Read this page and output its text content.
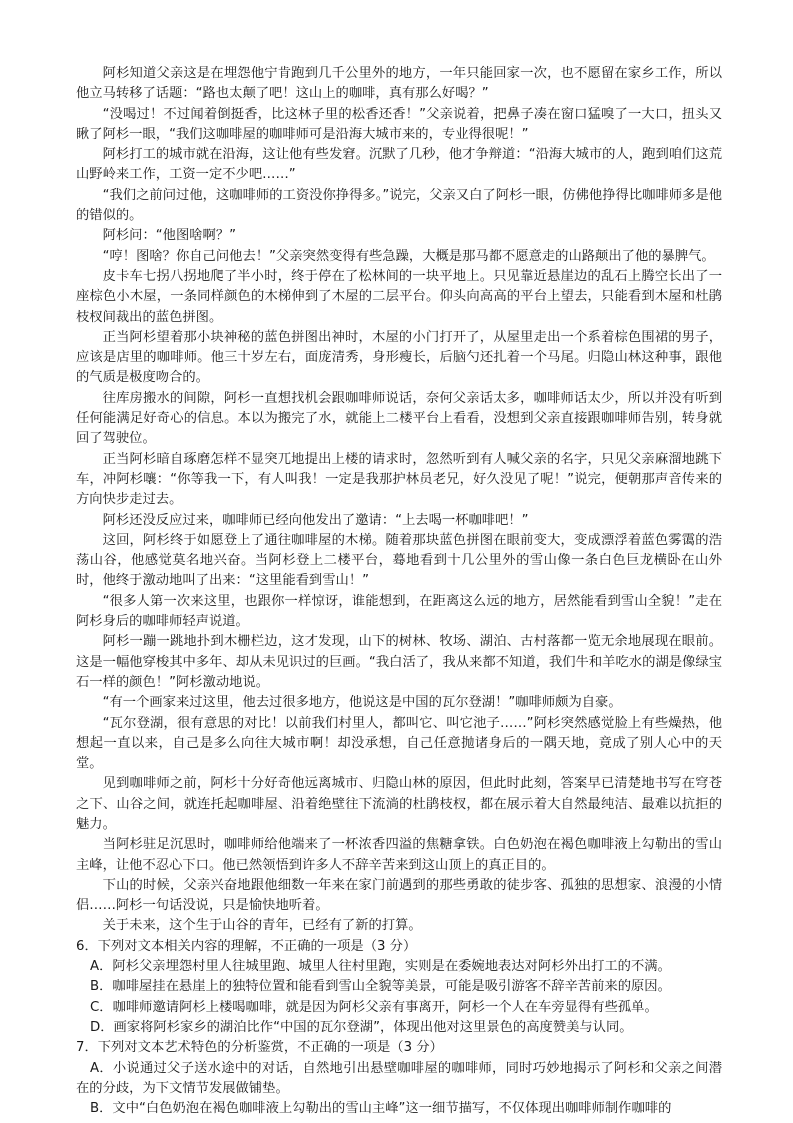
阿杉知道父亲这是在埋怨他宁肯跑到几千公里外的地方，一年只能回家一次，也不愿留在家乡工作，所以他立马转移了话题：“路也太颠了吧！这山上的咖啡，真有那么好喝？”

“没喝过！不过闻着倒挺香，比这林子里的松香还香！”父亲说着，把鼻子凑在窗口猛嗅了一大口，扭头又瞅了阿杉一眼，“我们这咖啡屋的咖啡师可是沿海大城市来的，专业得很呢！”

阿杉打工的城市就在沿海，这让他有些发窘。沉默了几秒，他才争辩道：“沿海大城市的人，跑到咱们这荒山野岭来工作，工资一定不少吧……”

“我们之前问过他，这咖啡师的工资没你挣得多。”说完，父亲又白了阿杉一眼，仿佛他挣得比咖啡师多是他的错似的。

阿杉问：“他图啥啊？”

“哼！图啥？你自己问他去！”父亲突然变得有些急躁，大概是那马都不愿意走的山路颠出了他的暴脾气。

皮卡车七拐八拐地爬了半小时，终于停在了松林间的一块平地上。只见靠近悬崖边的乱石上腾空长出了一座棕色小木屋，一条同样颜色的木梯伸到了木屋的二层平台。仰头向高高的平台上望去，只能看到木屋和杜鹃枝杈间裁出的蓝色拼图。

正当阿杉望着那小块神秘的蓝色拼图出神时，木屋的小门打开了，从屋里走出一个系着棕色围裙的男子，应该是店里的咖啡师。他三十岁左右，面庞清秀，身形瘦长，后脑勺还扎着一个马尾。归隐山林这种事，跟他的气质是极度吻合的。

往库房搬水的间隙，阿杉一直想找机会跟咖啡师说话，奈何父亲话太多，咖啡师话太少，所以并没有听到任何能满足好奇心的信息。本以为搬完了水，就能上二楼平台上看看，没想到父亲直接跟咖啡师告别，转身就回了驾驶位。

正当阿杉暗自琢磨怎样不显突兀地提出上楼的请求时，忽然听到有人喊父亲的名字，只见父亲麻溜地跳下车，冲阿杉嚷：“你等我一下，有人叫我！一定是我那护林员老兄，好久没见了呢！”说完，便朝那声音传来的方向快步走过去。

阿杉还没反应过来，咖啡师已经向他发出了邀请：“上去喝一杯咖啡吧！”

这回，阿杉终于如愿登上了通往咖啡屋的木梯。随着那块蓝色拼图在眼前变大，变成漂浮着蓝色雾霭的浩荡山谷，他感觉莫名地兴奋。当阿杉登上二楼平台，蓦地看到十几公里外的雪山像一条白色巨龙横卧在山外时，他终于激动地叫了出来：“这里能看到雪山！”

“很多人第一次来这里，也跟你一样惊讶，谁能想到，在距离这么远的地方，居然能看到雪山全貌！”走在阿杉身后的咖啡师轻声说道。

阿杉一蹦一跳地扑到木栅栏边，这才发现，山下的树林、牧场、湖泊、古村落都一览无余地展现在眼前。这是一幅他穿梭其中多年、却从未见识过的巨画。“我白活了，我从来都不知道，我们牛和羊吃水的湖是像绿宝石一样的颜色！”阿杉激动地说。

“有一个画家来过这里，他去过很多地方，他说这是中国的瓦尔登湖！”咖啡师颇为自豪。

“瓦尔登湖，很有意思的对比！以前我们村里人，都叫它、叫它池子……”阿杉突然感觉脸上有些燥热，他想起一直以来，自己是多么向往大城市啊！却没承想，自己任意抛诸身后的一隅天地，竟成了别人心中的天堂。

见到咖啡师之前，阿杉十分好奇他远离城市、归隐山林的原因，但此时此刻，答案早已清楚地书写在穹苍之下、山谷之间，就连托起咖啡屋、沿着绝壁往下流淌的杜鹃枝杈，都在展示着大自然最纯洁、最难以抗拒的魅力。

当阿杉驻足沉思时，咖啡师给他端来了一杯浓香四溢的焦糖拿铁。白色奶泡在褐色咖啡液上勾勒出的雪山主峰，让他不忍心下口。他已然领悟到许多人不辞辛苦来到这山顶上的真正目的。

下山的时候，父亲兴奋地跟他细数一年来在家门前遇到的那些勇敢的徒步客、孤独的思想家、浪漫的小情侣……阿杉一句话没说，只是愉快地听着。

关于未来，这个生于山谷的青年，已经有了新的打算。

6．下列对文本相关内容的理解，不正确的一项是（3 分）

A．阿杉父亲埋怨村里人往城里跑、城里人往村里跑，实则是在委婉地表达对阿杉外出打工的不满。

B．咖啡屋挂在悬崖上的独特位置和能看到雪山全貌等美景，可能是吸引游客不辞辛苦前来的原因。

C．咖啡师邀请阿杉上楼喝咖啡，就是因为阿杉父亲有事离开，阿杉一个人在车旁显得有些孤单。

D．画家将阿杉家乡的湖泊比作“中国的瓦尔登湖”，体现出他对这里景色的高度赞美与认同。

7．下列对文本艺术特色的分析鉴赏，不正确的一项是（3 分）

A．小说通过父子送水途中的对话，自然地引出悬壁咖啡屋的咖啡师，同时巧妙地揭示了阿杉和父亲之间潜在的分歧，为下文情节发展做铺垫。

B．文中“白色奶泡在褐色咖啡液上勾勒出的雪山主峰”这一细节描写，不仅体现出咖啡师制作咖啡的
